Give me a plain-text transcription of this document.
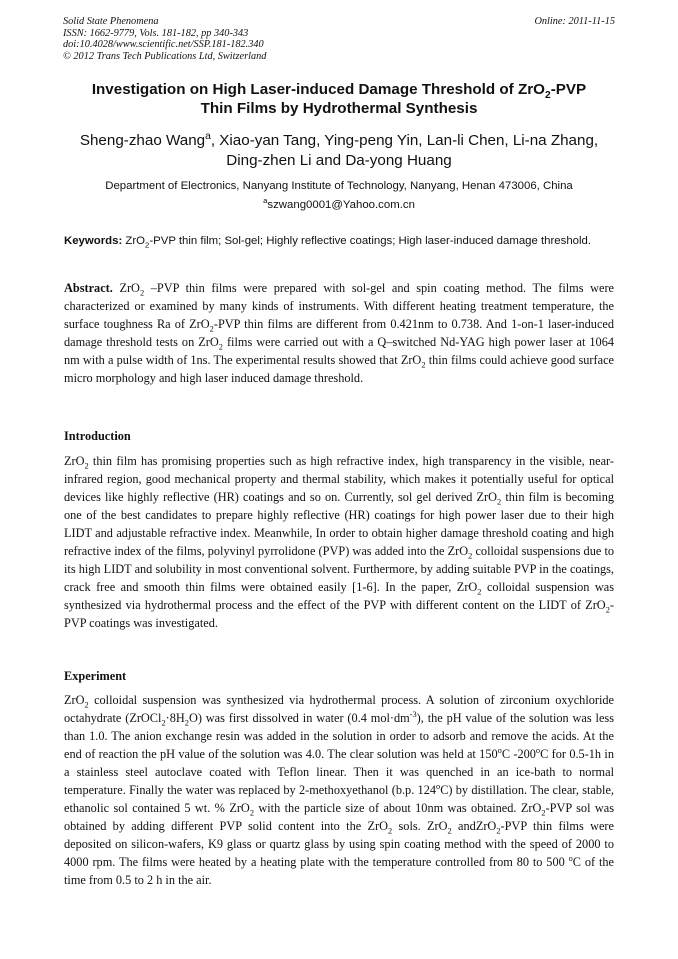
Solid State Phenomena
ISSN: 1662-9779, Vols. 181-182, pp 340-343
doi:10.4028/www.scientific.net/SSP.181-182.340
© 2012 Trans Tech Publications Ltd, Switzerland
Online: 2011-11-15
Investigation on High Laser-induced Damage Threshold of ZrO$_2$-PVP
Thin Films by Hydrothermal Synthesis
Sheng-zhao Wang$^a$, Xiao-yan Tang, Ying-peng Yin, Lan-li Chen, Li-na Zhang,
Ding-zhen Li and Da-yong Huang
Department of Electronics, Nanyang Institute of Technology, Nanyang, Henan 473006, China
$^a$szwang0001@Yahoo.com.cn
Keywords: ZrO$_2$-PVP thin film; Sol-gel; Highly reflective coatings; High laser-induced damage threshold.

Abstract. ZrO$_2$ –PVP thin films were prepared with sol-gel and spin coating method. The films were characterized or examined by many kinds of instruments. With different heating treatment temperature, the surface toughness Ra of ZrO$_2$-PVP thin films are different from 0.421nm to 0.738. And 1-on-1 laser-induced damage threshold tests on ZrO$_2$ films were carried out with a Q–switched Nd-YAG high power laser at 1064 nm with a pulse width of 1ns. The experimental results showed that ZrO$_2$ thin films could achieve good surface micro morphology and high laser induced damage threshold.

Introduction

ZrO$_2$ thin film has promising properties such as high refractive index, high transparency in the visible, near-infrared region, good mechanical property and thermal stability, which makes it potentially useful for optical devices like highly reflective (HR) coatings and so on. Currently, sol gel derived ZrO$_2$ thin film is becoming one of the best candidates to prepare highly reflective (HR) coatings for high power laser due to their high LIDT and adjustable refractive index. Meanwhile, In order to obtain higher damage threshold coating and high refractive index of the films, polyvinyl pyrrolidone (PVP) was added into the ZrO$_2$ colloidal suspensions due to its high LIDT and solubility in most conventional solvent. Furthermore, by adding suitable PVP in the coatings, crack free and smooth thin films were obtained easily [1-6]. In the paper, ZrO$_2$ colloidal suspension was synthesized via hydrothermal process and the effect of the PVP with different content on the LIDT of ZrO$_2$-PVP coatings was investigated.

Experiment

ZrO$_2$ colloidal suspension was synthesized via hydrothermal process. A solution of zirconium oxychloride octahydrate $(ZrOCl_2\cdot 8H_2O)$ was first dissolved in water (0.4 $mol\cdot dm^{-3}$), the pH value of the solution was less than 1.0. The anion exchange resin was added in the solution in order to adsorb and remove the acids. At the end of reaction the pH value of the solution was 4.0. The clear solution was held at 150$^o$C -200$^o$C for 0.5-1h in a stainless steel autoclave coated with Teflon linear. Then it was quenched in an ice-bath to normal temperature. Finally the water was replaced by 2-methoxyethanol (b.p. 124$^o$C) by distillation. The clear, stable, ethanolic sol contained 5 wt. % ZrO$_2$ with the particle size of about 10nm was obtained. ZrO$_2$-PVP sol was obtained by adding different PVP solid content into the ZrO$_2$ sols. ZrO$_2$ andZrO$_2$-PVP thin films were deposited on silicon-wafers, K9 glass or quartz glass by using spin coating method with the speed of 2000 to 4000 rpm. The films were heated by a heating plate with the temperature controlled from 80 to 500 $^o$C of the time from 0.5 to 2 h in the air.
